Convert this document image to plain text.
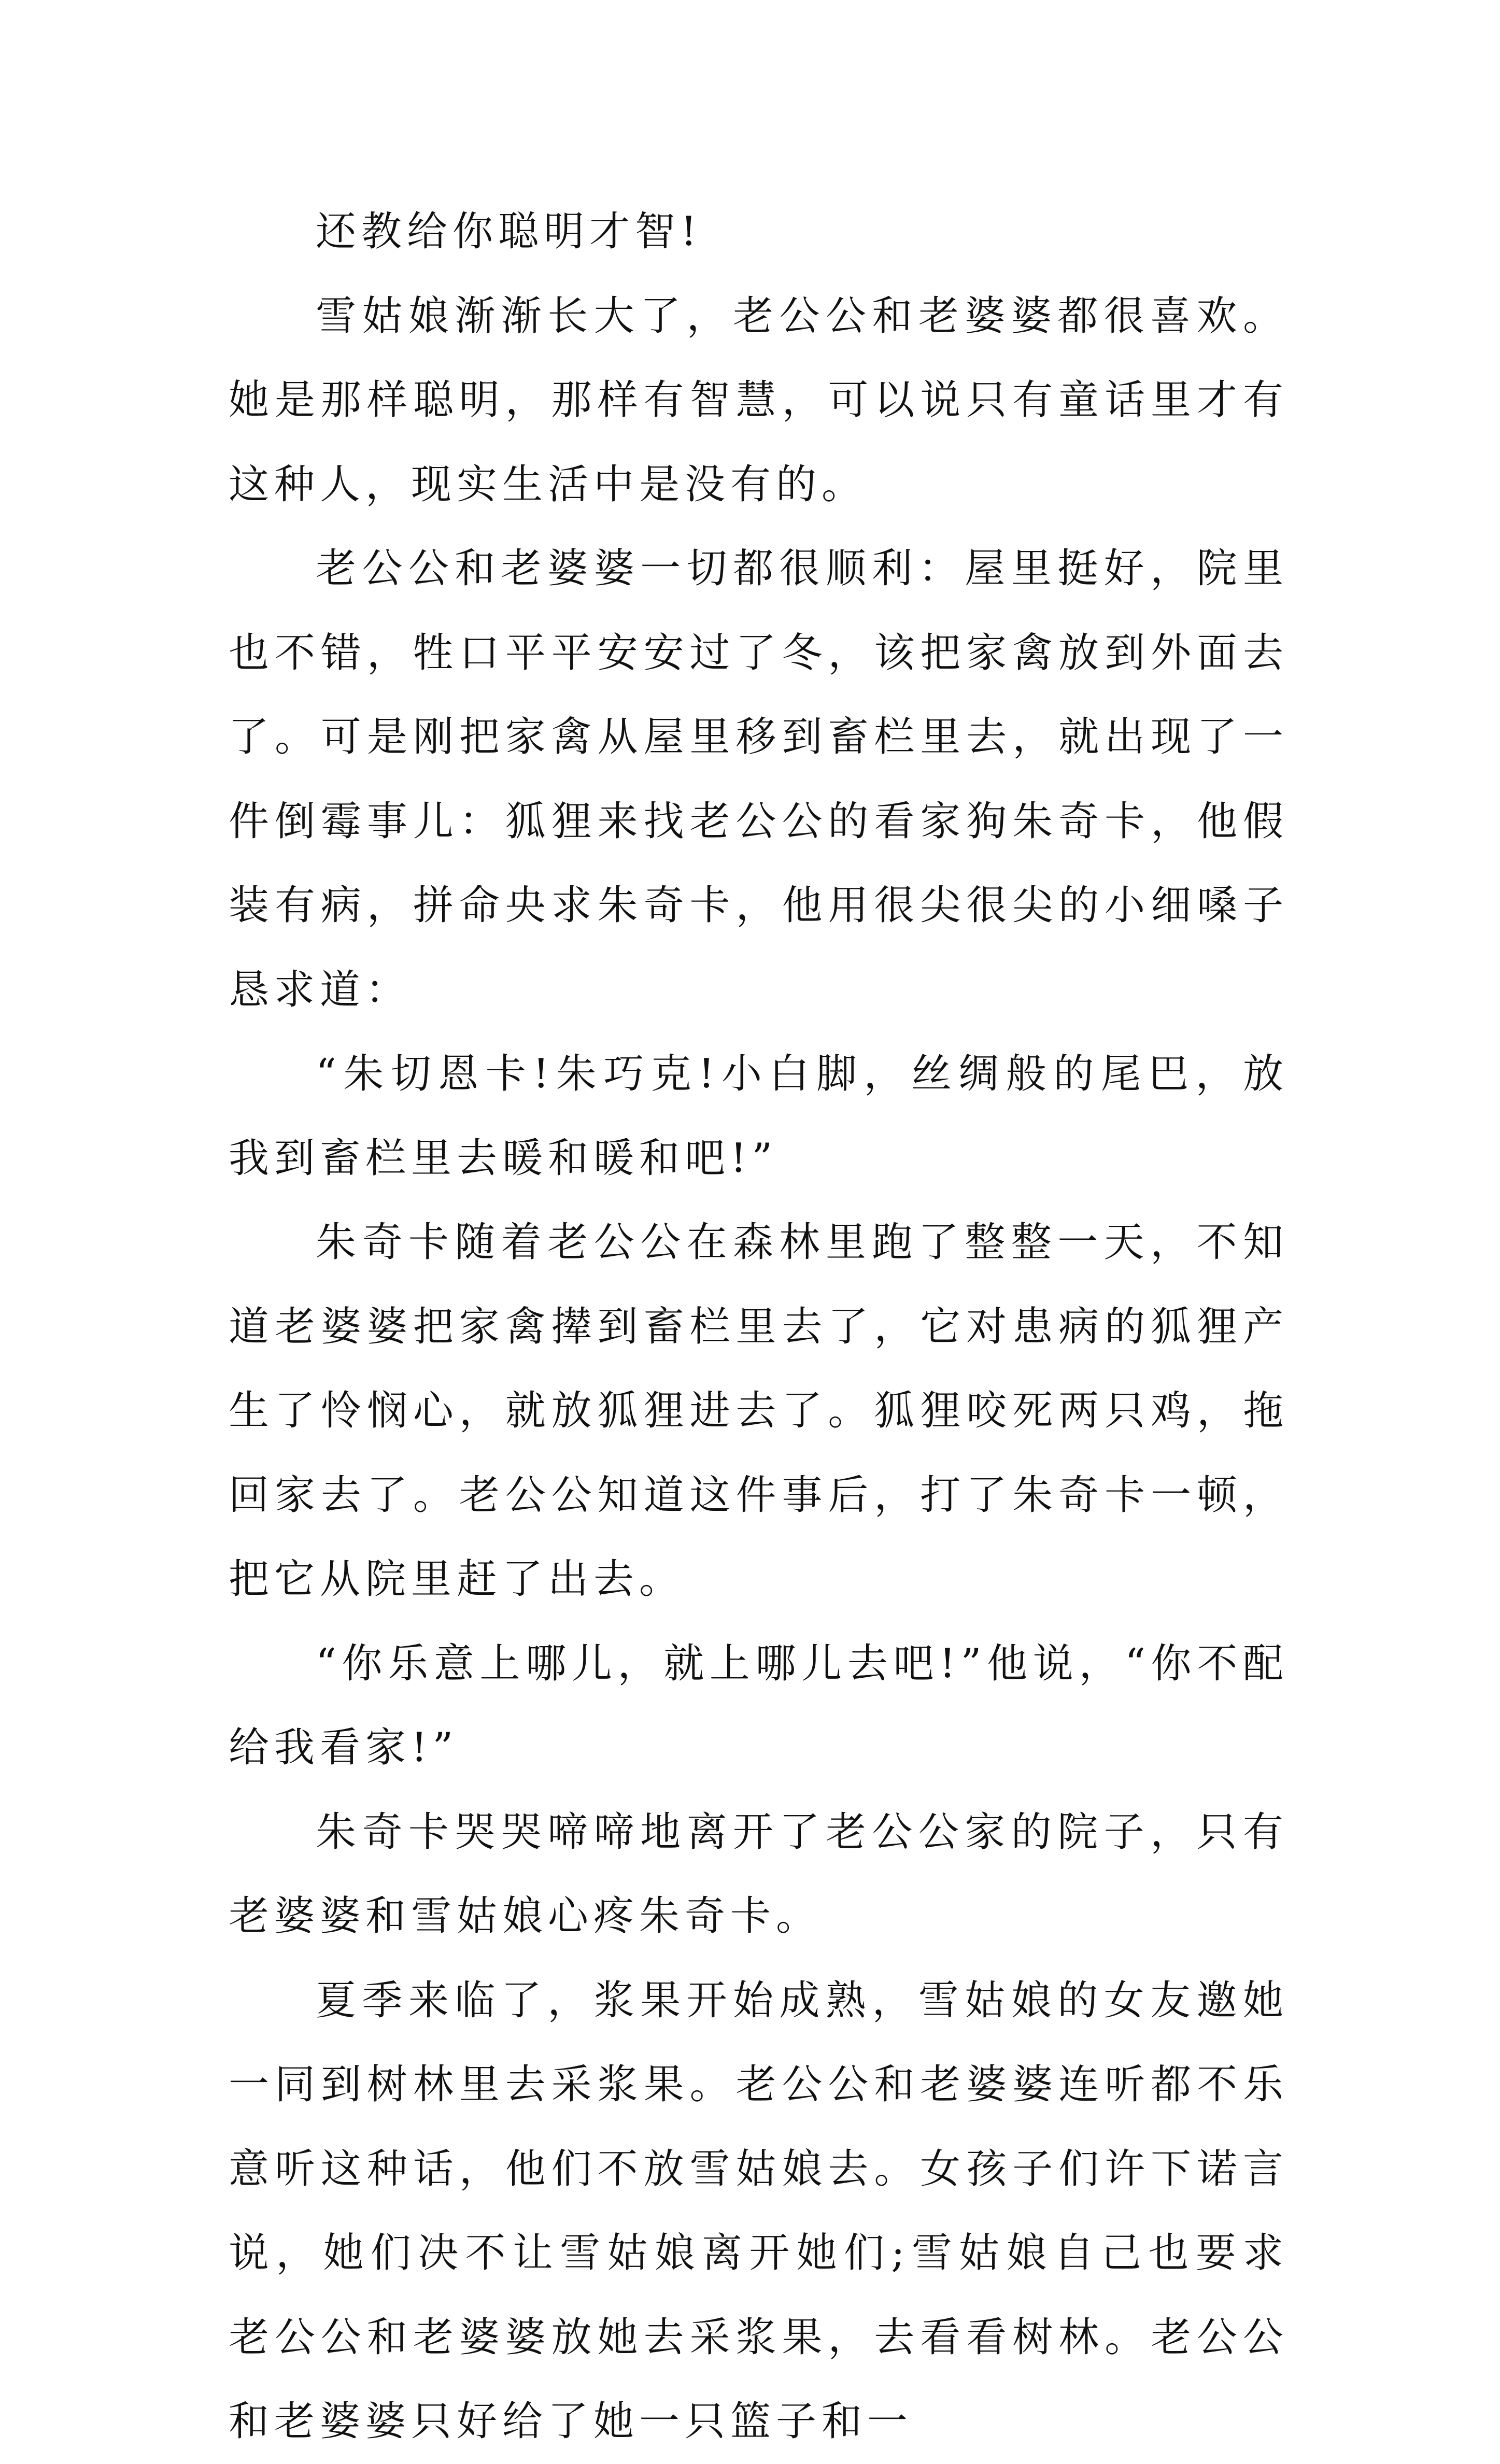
还教给你聪明才智!

雪姑娘渐渐长大了，老公公和老婆婆都很喜欢。她是那样聪明，那样有智慧，可以说只有童话里才有这种人，现实生活中是没有的。

老公公和老婆婆一切都很顺利：屋里挺好，院里也不错，牲口平平安安过了冬，该把家禽放到外面去了。可是刚把家禽从屋里移到畜栏里去，就出现了一件倒霉事儿：狐狸来找老公公的看家狗朱奇卡，他假装有病，拼命央求朱奇卡，他用很尖很尖的小细嗓子恳求道：

“朱切恩卡!朱巧克!小白脚，丝绸般的尾巴，放我到畜栏里去暖和暖和吧!”

朱奇卡随着老公公在森林里跑了整整一天，不知道老婆婆把家禽撵到畜栏里去了，它对患病的狐狸产生了怜悯心，就放狐狸进去了。狐狸咬死两只鸡，拖回家去了。老公公知道这件事后，打了朱奇卡一顿，把它从院里赶了出去。

“你乐意上哪儿，就上哪儿去吧!”他说，“你不配给我看家!”

朱奇卡哭哭啼啼地离开了老公公家的院子，只有老婆婆和雪姑娘心疼朱奇卡。

夏季来临了，浆果开始成熟，雪姑娘的女友邀她一同到树林里去采浆果。老公公和老婆婆连听都不乐意听这种话，他们不放雪姑娘去。女孩子们许下诺言说，她们决不让雪姑娘离开她们;雪姑娘自己也要求老公公和老婆婆放她去采浆果，去看看树林。老公公和老婆婆只好给了她一只篮子和一
